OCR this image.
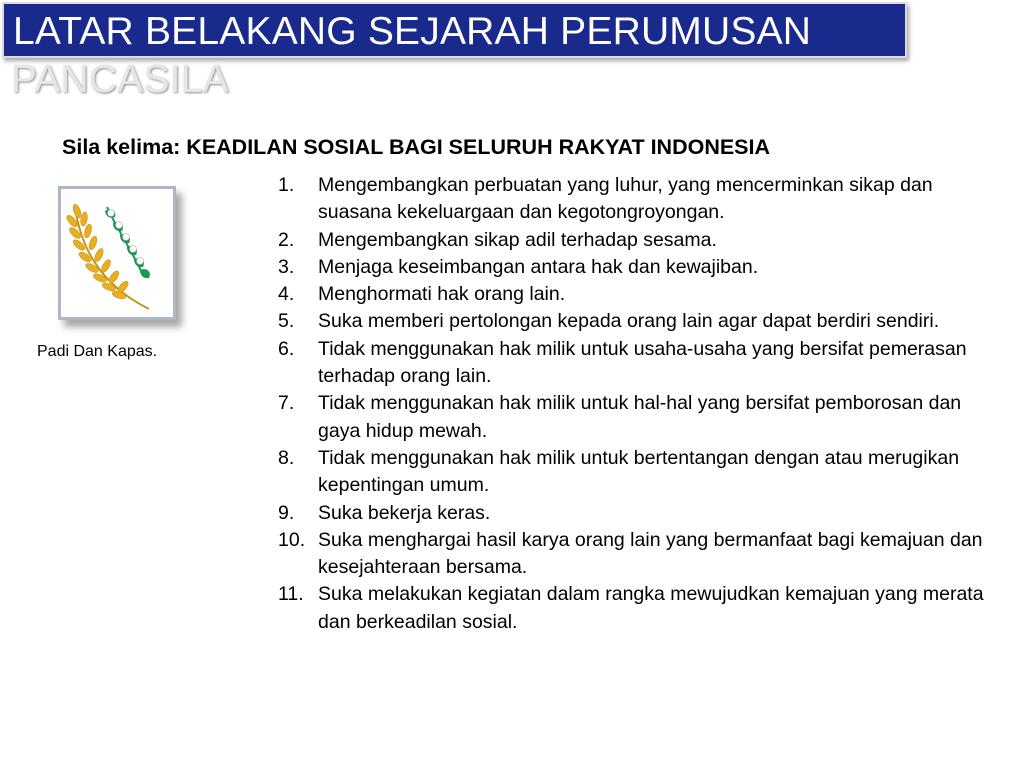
LATAR BELAKANG SEJARAH PERUMUSAN
PANCASILA
Sila kelima: KEADILAN SOSIAL BAGI SELURUH RAKYAT INDONESIA
Padi Dan Kapas.
1.	Mengembangkan perbuatan yang luhur, yang mencerminkan sikap dan suasana kekeluargaan dan kegotongroyongan.
2.	Mengembangkan sikap adil terhadap sesama.
3.	Menjaga keseimbangan antara hak dan kewajiban.
4.	Menghormati hak orang lain.
5.	Suka memberi pertolongan kepada orang lain agar dapat berdiri sendiri.
6.	Tidak menggunakan hak milik untuk usaha-usaha yang bersifat pemerasan terhadap orang lain.
7.	Tidak menggunakan hak milik untuk hal-hal yang bersifat pemborosan dan gaya hidup mewah.
8.	Tidak menggunakan hak milik untuk bertentangan dengan atau merugikan kepentingan umum.
9.	Suka bekerja keras.
10. Suka menghargai hasil karya orang lain yang bermanfaat bagi kemajuan dan kesejahteraan bersama.
11. Suka melakukan kegiatan dalam rangka mewujudkan kemajuan yang merata dan berkeadilan sosial.
